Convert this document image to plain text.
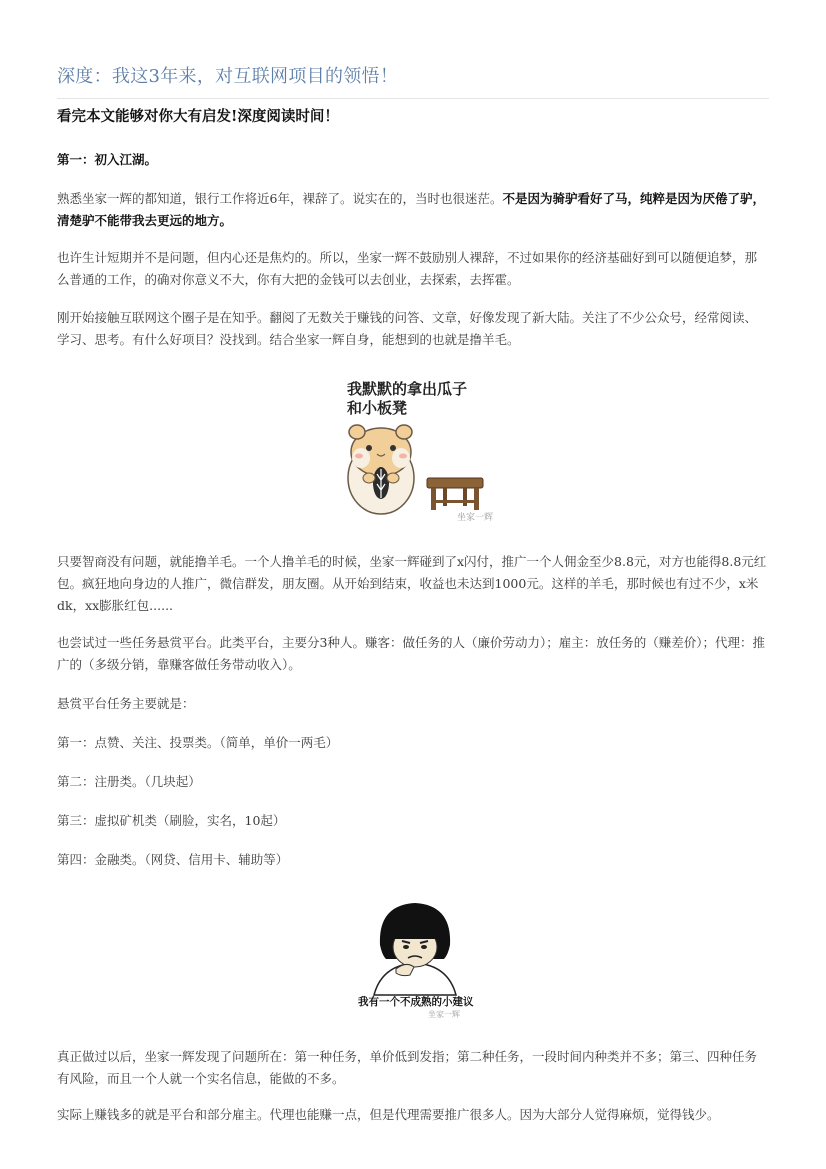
深度：我这3年来，对互联网项目的领悟！
看完本文能够对你大有启发!深度阅读时间！
第一：初入江湖。
熟悉坐家一辉的都知道，银行工作将近6年，裸辞了。说实在的，当时也很迷茫。不是因为骑驴看好了马，纯粹是因为厌倦了驴，清楚驴不能带我去更远的地方。
也许生计短期并不是问题，但内心还是焦灼的。所以，坐家一辉不鼓励别人裸辞，不过如果你的经济基础好到可以随便追梦，那么普通的工作，的确对你意义不大，你有大把的金钱可以去创业，去探索，去挥霍。
刚开始接触互联网这个圈子是在知乎。翻阅了无数关于赚钱的问答、文章，好像发现了新大陆。关注了不少公众号，经常阅读、学习、思考。有什么好项目？没找到。结合坐家一辉自身，能想到的也就是撸羊毛。
我默默的拿出瓜子
和小板凳
坐家一辉
只要智商没有问题，就能撸羊毛。一个人撸羊毛的时候，坐家一辉碰到了x闪付，推广一个人佣金至少8.8元，对方也能得8.8元红包。疯狂地向身边的人推广，微信群发，朋友圈。从开始到结束，收益也未达到1000元。这样的羊毛，那时候也有过不少，x米dk，xx膨胀红包......
也尝试过一些任务悬赏平台。此类平台，主要分3种人。赚客：做任务的人（廉价劳动力）；雇主：放任务的（赚差价）；代理：推广的（多级分销，靠赚客做任务带动收入）。
悬赏平台任务主要就是：
第一：点赞、关注、投票类。（简单，单价一两毛）
第二：注册类。（几块起）
第三：虚拟矿机类（刷脸，实名，10起）
第四：金融类。（网贷、信用卡、辅助等）
我有一个不成熟的小建议
坐家一辉
真正做过以后，坐家一辉发现了问题所在：第一种任务，单价低到发指；第二种任务，一段时间内种类并不多；第三、四种任务有风险，而且一个人就一个实名信息，能做的不多。
实际上赚钱多的就是平台和部分雇主。代理也能赚一点，但是代理需要推广很多人。因为大部分人觉得麻烦，觉得钱少。
